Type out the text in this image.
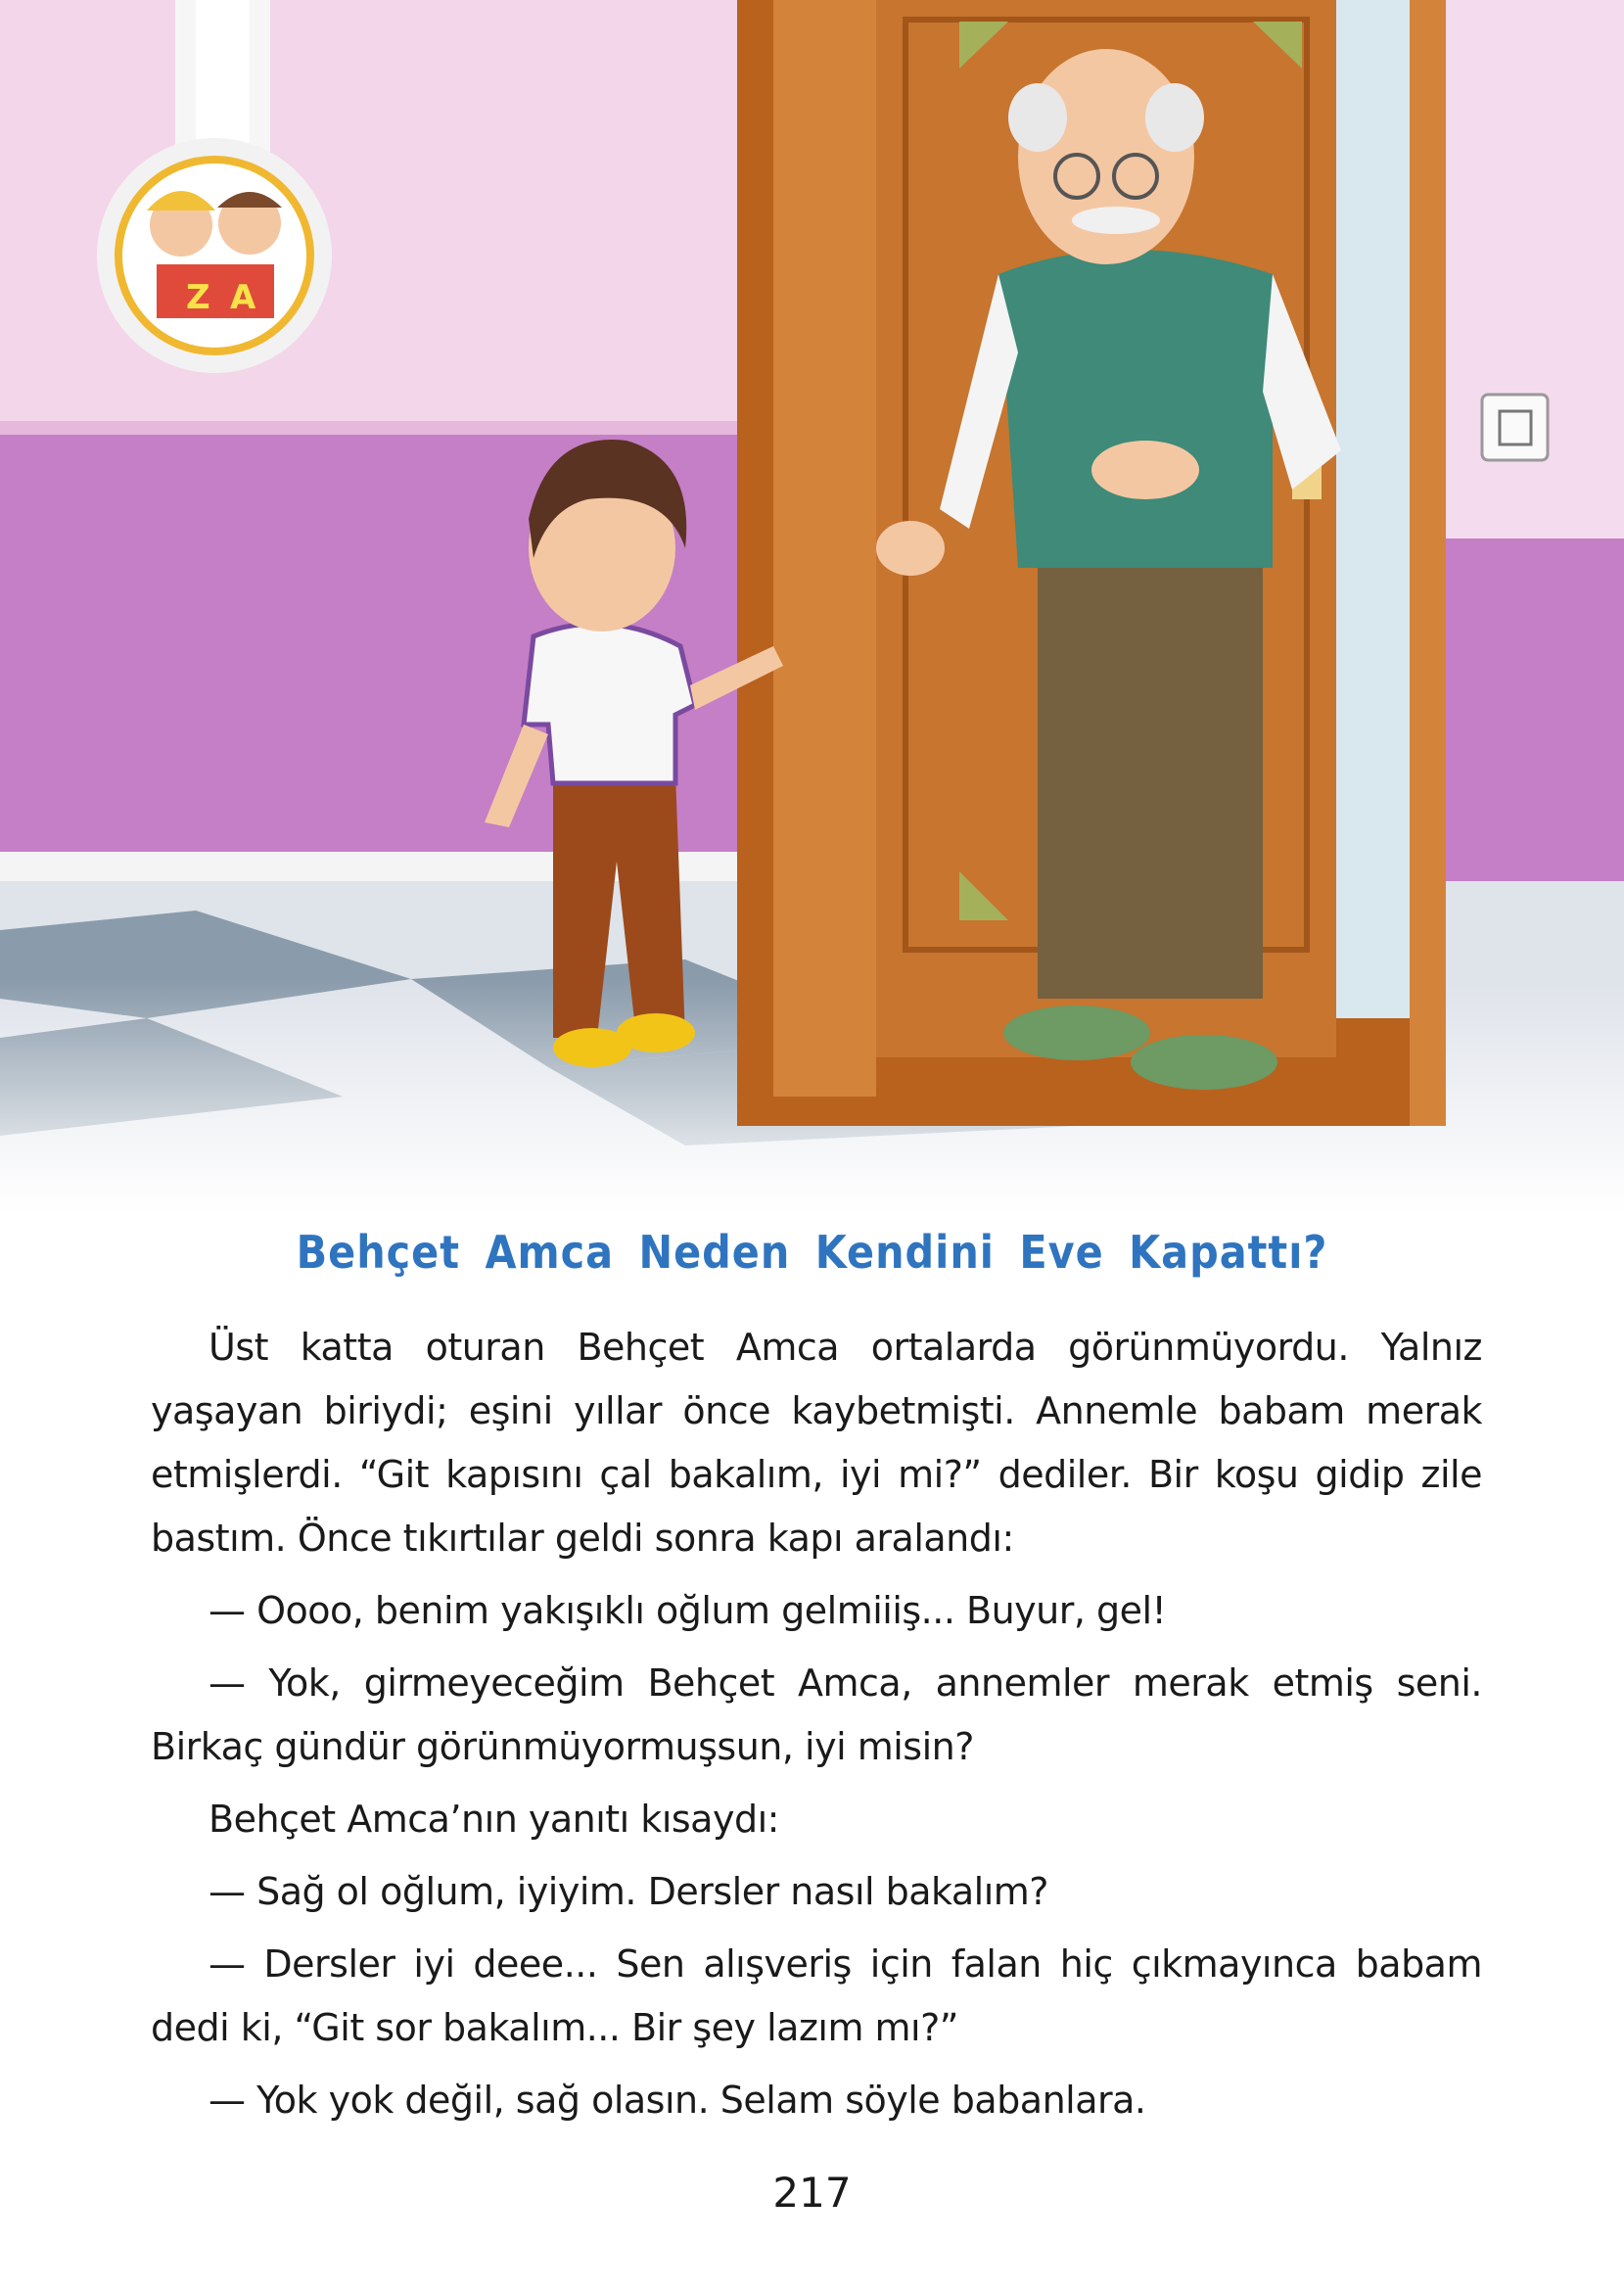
Z A
Behçet Amca Neden Kendini Eve Kapattı?

Üst katta oturan Behçet Amca ortalarda görünmüyordu. Yalnız yaşayan biriydi; eşini yıllar önce kaybetmişti. Annemle babam merak etmişlerdi. “Git kapısını çal bakalım, iyi mi?” dediler. Bir koşu gidip zile bastım. Önce tıkırtılar geldi sonra kapı aralandı:

— Oooo, benim yakışıklı oğlum gelmiiiş... Buyur, gel!

— Yok, girmeyeceğim Behçet Amca, annemler merak etmiş seni. Birkaç gündür görünmüyormuşsun, iyi misin?

Behçet Amca’nın yanıtı kısaydı:

— Sağ ol oğlum, iyiyim. Dersler nasıl bakalım?

— Dersler iyi deee... Sen alışveriş için falan hiç çıkmayınca babam dedi ki, “Git sor bakalım... Bir şey lazım mı?”

— Yok yok değil, sağ olasın. Selam söyle babanlara.

217
